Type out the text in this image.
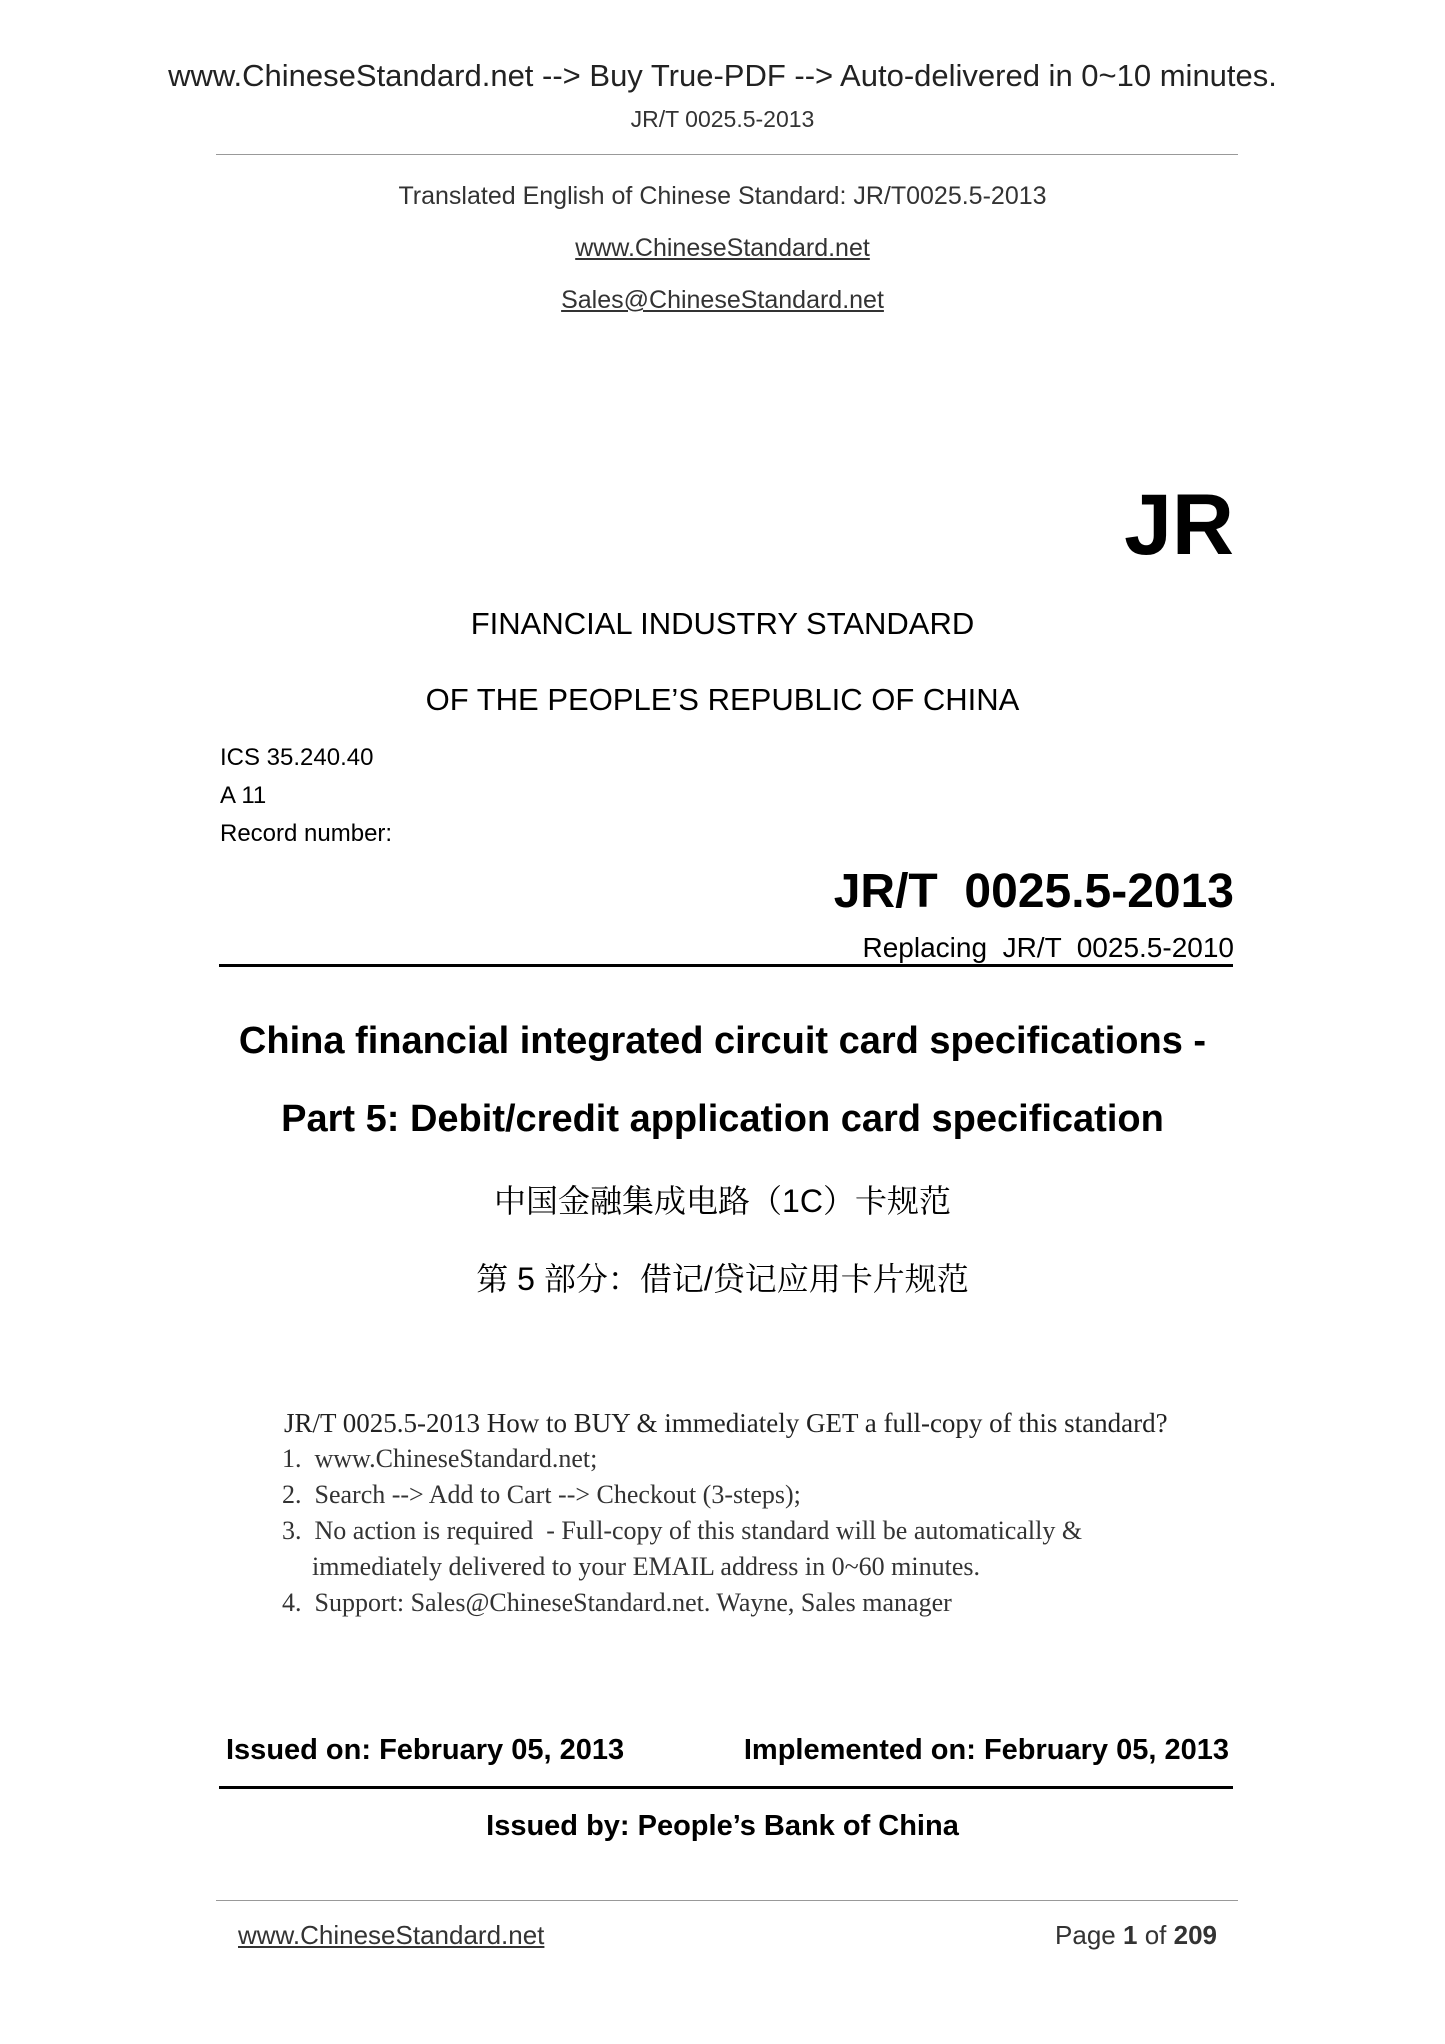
www.ChineseStandard.net --> Buy True-PDF --> Auto-delivered in 0~10 minutes.
JR/T 0025.5-2013
Translated English of Chinese Standard: JR/T0025.5-2013
www.ChineseStandard.net
Sales@ChineseStandard.net
JR
FINANCIAL INDUSTRY STANDARD
OF THE PEOPLE’S REPUBLIC OF CHINA
ICS 35.240.40
A 11
Record number:
JR/T  0025.5-2013
Replacing  JR/T  0025.5-2010
China financial integrated circuit card specifications -
Part 5: Debit/credit application card specification
中国金融集成电路（1C）卡规范
第 5 部分：借记/贷记应用卡片规范
JR/T 0025.5-2013 How to BUY & immediately GET a full-copy of this standard?
1.  www.ChineseStandard.net;
2.  Search --> Add to Cart --> Checkout (3-steps);
3.  No action is required  - Full-copy of this standard will be automatically &
immediately delivered to your EMAIL address in 0~60 minutes.
4.  Support: Sales@ChineseStandard.net. Wayne, Sales manager
Issued on: February 05, 2013	Implemented on: February 05, 2013
Issued by: People’s Bank of China
www.ChineseStandard.net	Page 1 of 209
